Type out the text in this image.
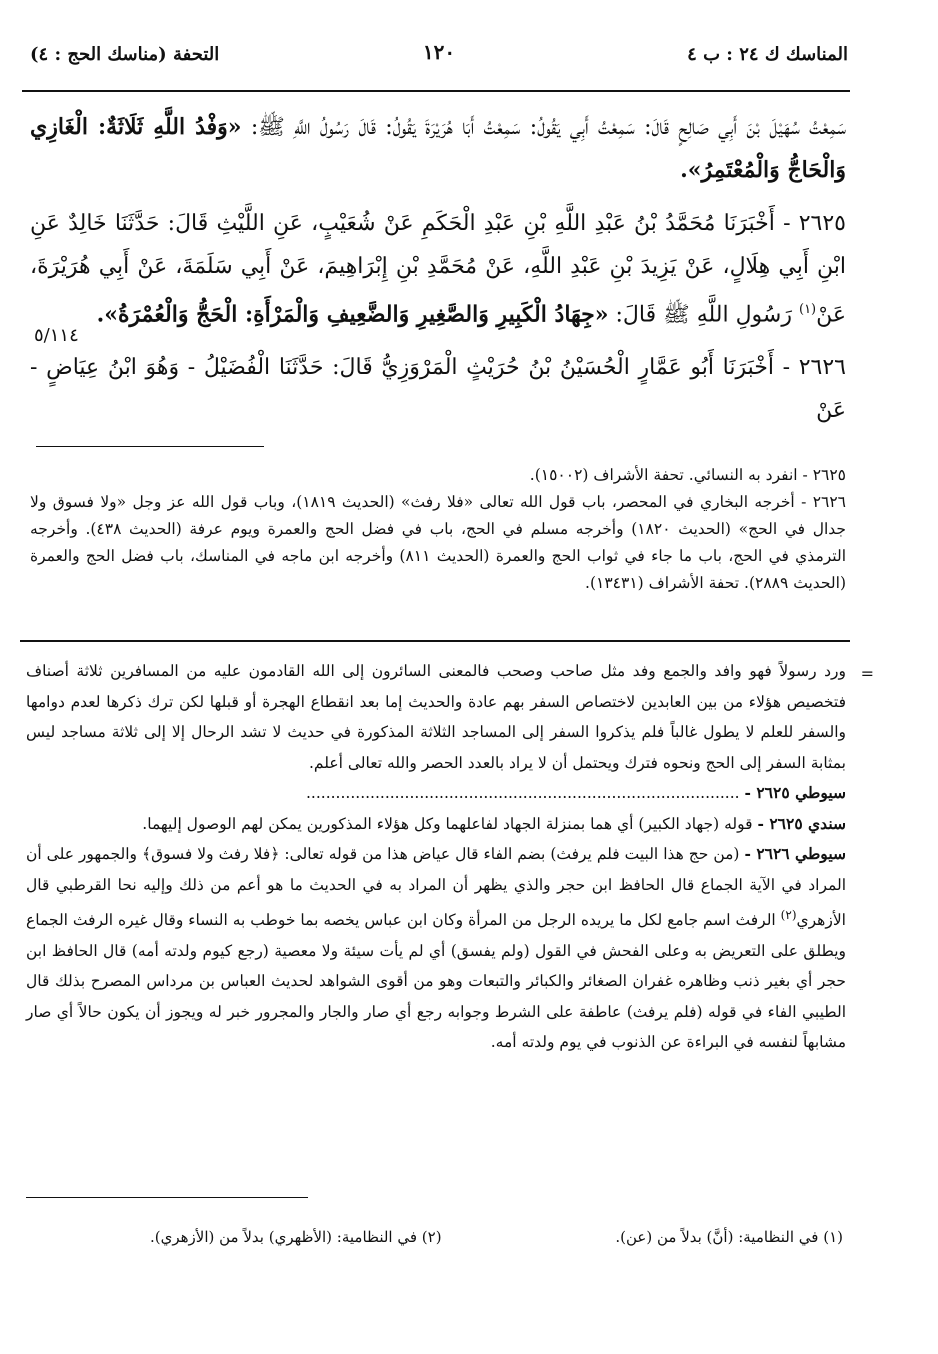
المناسك ك ٢٤ : ب ٤
١٢٠
التحفة (مناسك الحج : ٤)

سَمِعْتُ سُهَيْلَ بْنَ أَبِي صَالِحٍ قَالَ: سَمِعْتُ أَبِي يَقُولُ: سَمِعْتُ أَبَا هُرَيْرَةَ يَقُولُ: قَالَ رَسُولُ اللَّهِ ﷺ: «وَفْدُ اللَّهِ ثَلَاثَةٌ: الْغَازِي وَالْحَاجُّ وَالْمُعْتَمِرُ».

٢٦٢٥ - أَخْبَرَنَا مُحَمَّدُ بْنُ عَبْدِ اللَّهِ بْنِ عَبْدِ الْحَكَمِ عَنْ شُعَيْبٍ، عَنِ اللَّيْثِ قَالَ: حَدَّثَنَا خَالِدٌ عَنِ ابْنِ أَبِي هِلَالٍ، عَنْ يَزِيدَ بْنِ عَبْدِ اللَّهِ، عَنْ مُحَمَّدِ بْنِ إِبْرَاهِيمَ، عَنْ أَبِي سَلَمَةَ، عَنْ أَبِي هُرَيْرَةَ، عَنْ$^{(١)}$ رَسُولِ اللَّهِ ﷺ قَالَ: «جِهَادُ الْكَبِيرِ وَالصَّغِيرِ وَالضَّعِيفِ وَالْمَرْأَةِ: الْحَجُّ وَالْعُمْرَةُ».

٢٦٢٦ - أَخْبَرَنَا أَبُو عَمَّارٍ الْحُسَيْنُ بْنُ حُرَيْثٍ الْمَرْوَزِيُّ قَالَ: حَدَّثَنَا الْفُضَيْلُ - وَهُوَ ابْنُ عِيَاضٍ - عَنْ

٥/١١٤

٢٦٢٥ - انفرد به النسائي. تحفة الأشراف (١٥٠٠٢).

٢٦٢٦ - أخرجه البخاري في المحصر، باب قول الله تعالى «فلا رفث» (الحديث ١٨١٩)، وباب قول الله عز وجل «ولا فسوق ولا جدال في الحج» (الحديث ١٨٢٠) وأخرجه مسلم في الحج، باب في فضل الحج والعمرة ويوم عرفة (الحديث ٤٣٨). وأخرجه الترمذي في الحج، باب ما جاء في ثواب الحج والعمرة (الحديث ٨١١) وأخرجه ابن ماجه في المناسك، باب فضل الحج والعمرة (الحديث ٢٨٨٩). تحفة الأشراف (١٣٤٣١).

=

ورد رسولاً فهو وافد والجمع وفد مثل صاحب وصحب فالمعنى السائرون إلى الله القادمون عليه من المسافرين ثلاثة أصناف فتخصيص هؤلاء من بين العابدين لاختصاص السفر بهم عادة والحديث إما بعد انقطاع الهجرة أو قبلها لكن ترك ذكرها لعدم دوامها والسفر للعلم لا يطول غالباً فلم يذكروا السفر إلى المساجد الثلاثة المذكورة في حديث لا تشد الرحال إلا إلى ثلاثة مساجد ليس بمثابة السفر إلى الحج ونحوه فترك ويحتمل أن لا يراد بالعدد الحصر والله تعالى أعلم.

سيوطي ٢٦٢٥ - ........................................................................................

سندي ٢٦٢٥ - قوله (جهاد الكبير) أي هما بمنزلة الجهاد لفاعلهما وكل هؤلاء المذكورين يمكن لهم الوصول إليهما.

سيوطي ٢٦٢٦ - (من حج هذا البيت فلم يرفث) بضم الفاء قال عياض هذا من قوله تعالى: ﴿فلا رفث ولا فسوق﴾ والجمهور على أن المراد في الآية الجماع قال الحافظ ابن حجر والذي يظهر أن المراد به في الحديث ما هو أعم من ذلك وإليه نحا القرطبي قال الأزهري$^{(٢)}$ الرفث اسم جامع لكل ما يريده الرجل من المرأة وكان ابن عباس يخصه بما خوطب به النساء وقال غيره الرفث الجماع ويطلق على التعريض به وعلى الفحش في القول (ولم يفسق) أي لم يأت سيئة ولا معصية (رجع كيوم ولدته أمه) قال الحافظ ابن حجر أي بغير ذنب وظاهره غفران الصغائر والكبائر والتبعات وهو من أقوى الشواهد لحديث العباس بن مرداس المصرح بذلك قال الطيبي الفاء في قوله (فلم يرفث) عاطفة على الشرط وجوابه رجع أي صار والجار والمجرور خبر له ويجوز أن يكون حالاً أي صار مشابهاً لنفسه في البراءة عن الذنوب في يوم ولدته أمه.

(١) في النظامية: (أنَّ) بدلاً من (عن).
(٢) في النظامية: (الأظهري) بدلاً من (الأزهري).
